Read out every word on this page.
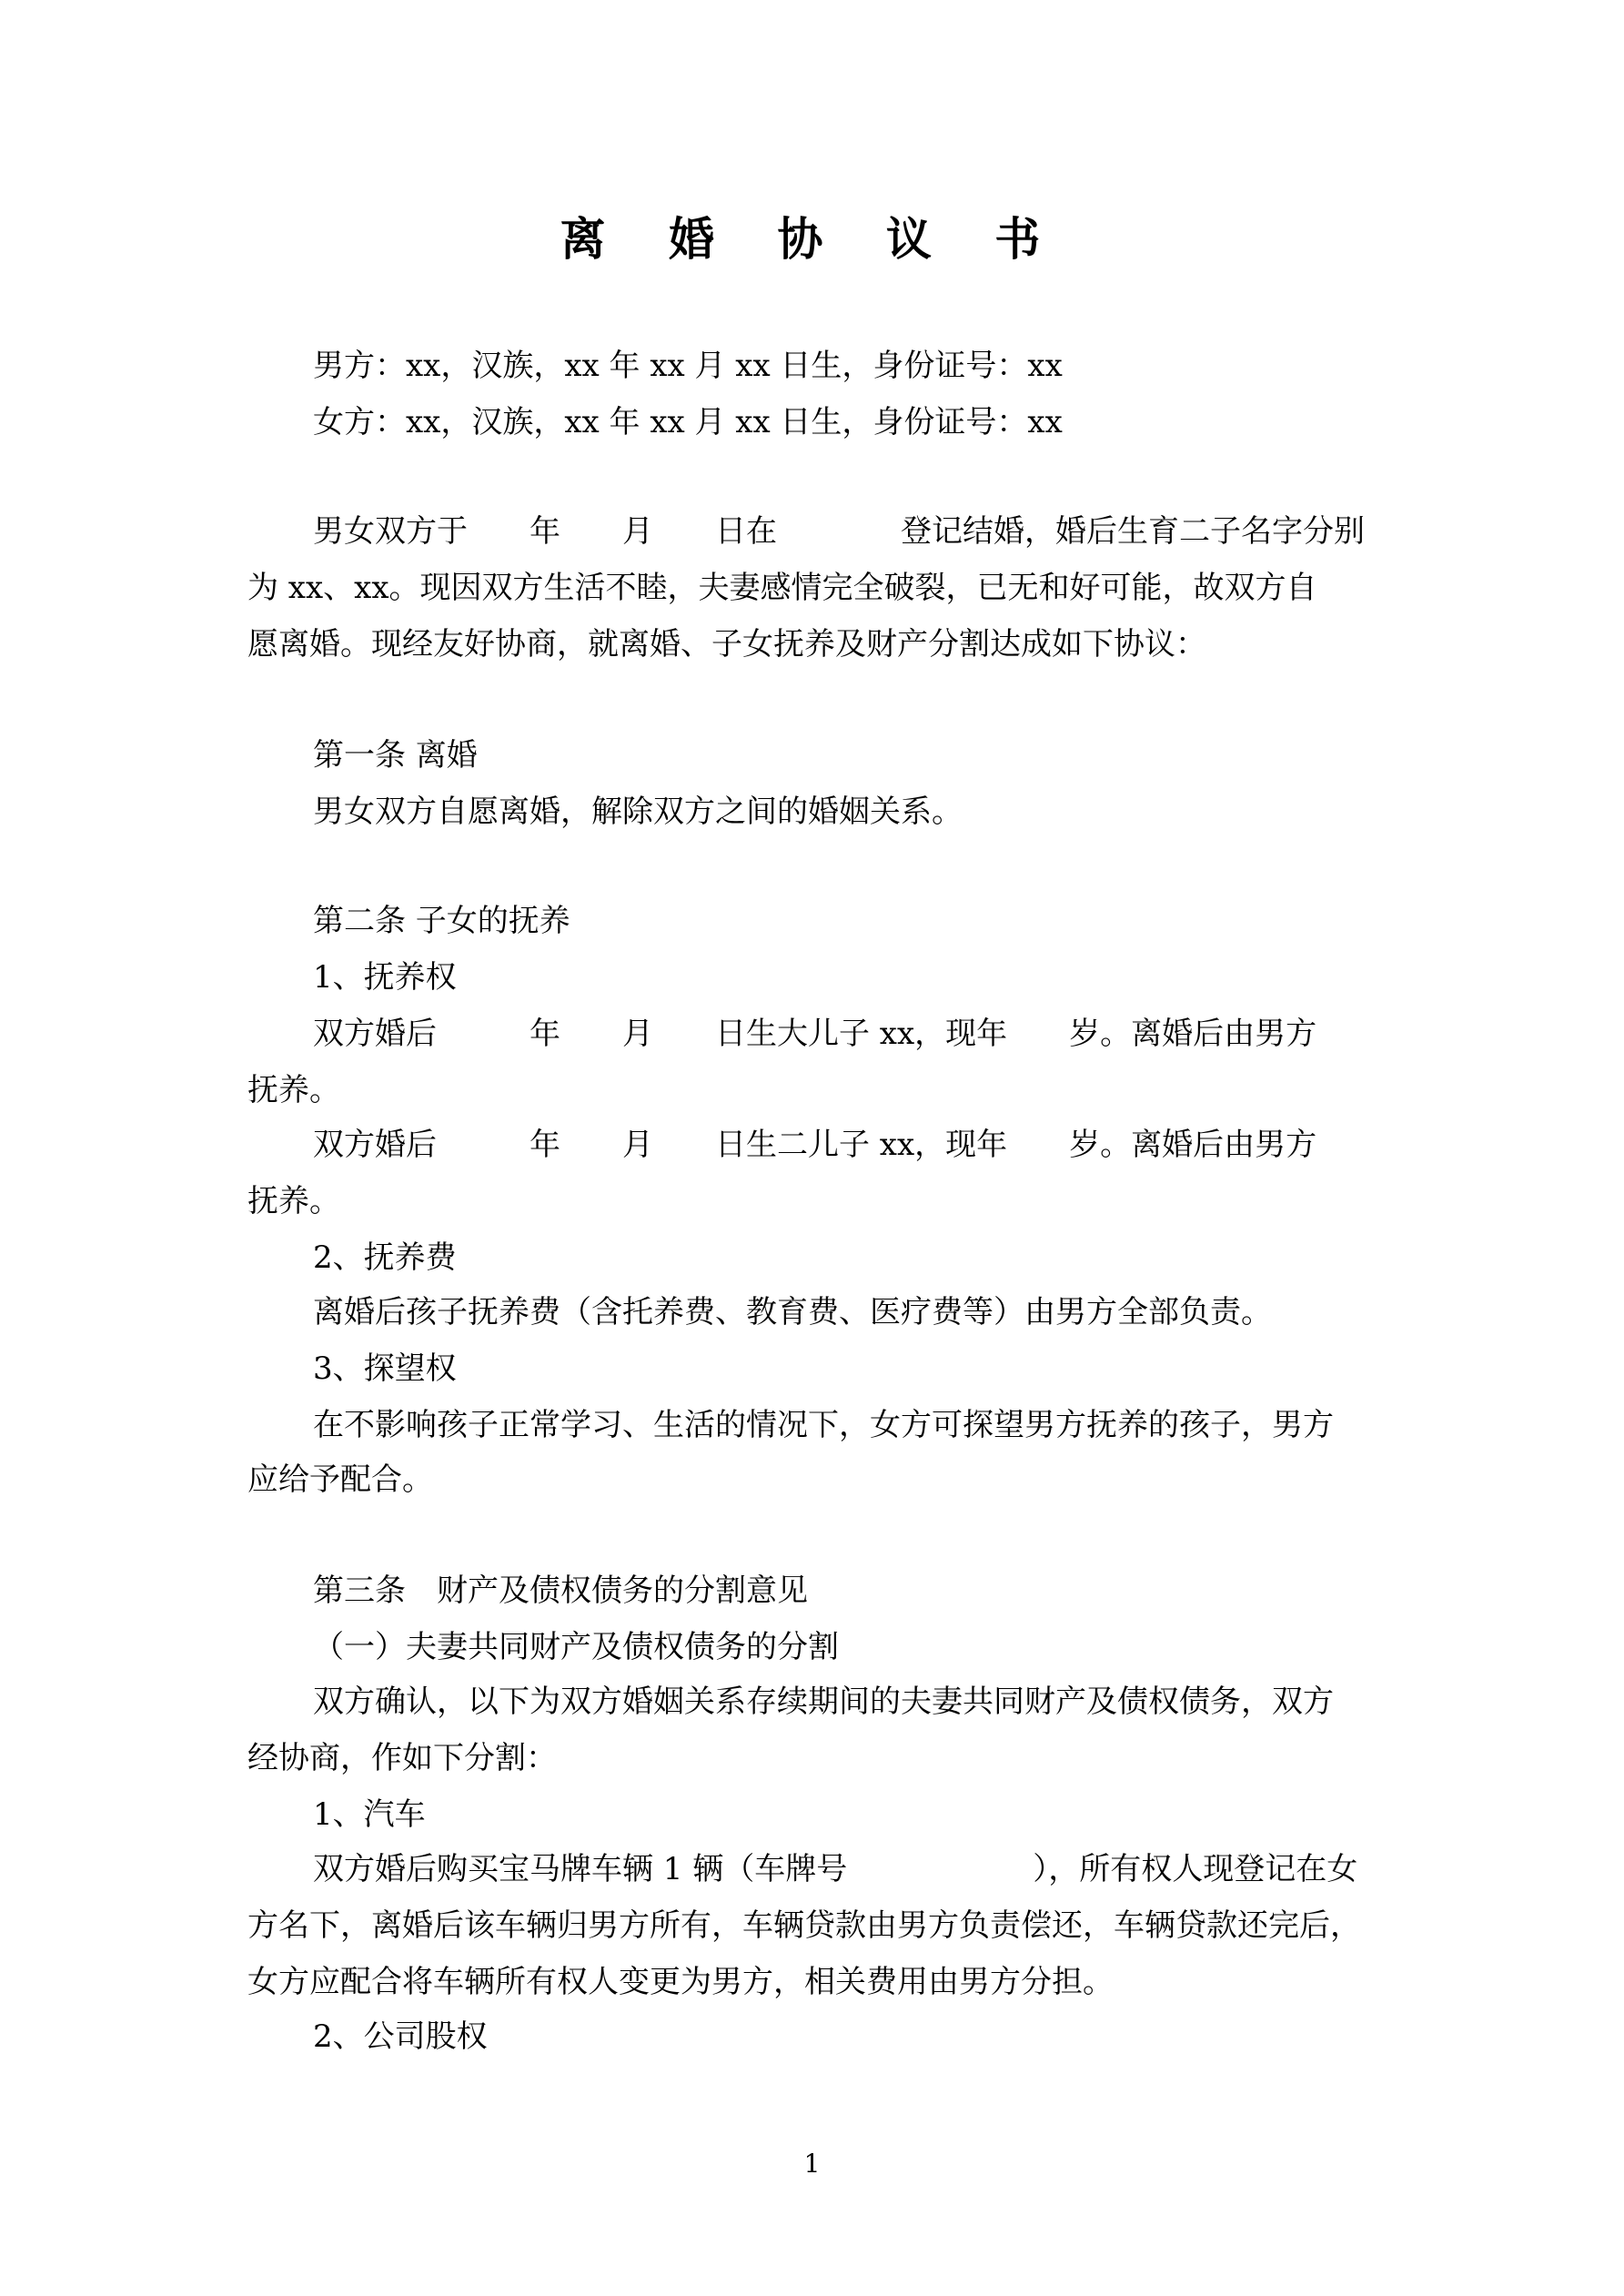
离 婚 协 议 书

男方：xx，汉族，xx 年 xx 月 xx 日生，身份证号：xx

女方：xx，汉族，xx 年 xx 月 xx 日生，身份证号：xx

男女双方于　　年　　月　　日在　　　　登记结婚，婚后生育二子名字分别

为 xx、xx。现因双方生活不睦，夫妻感情完全破裂，已无和好可能，故双方自

愿离婚。现经友好协商，就离婚、子女抚养及财产分割达成如下协议：

第一条 离婚

男女双方自愿离婚，解除双方之间的婚姻关系。

第二条 子女的抚养

1、抚养权

双方婚后　　　年　　月　　日生大儿子 xx，现年　　岁。离婚后由男方

抚养。

双方婚后　　　年　　月　　日生二儿子 xx，现年　　岁。离婚后由男方

抚养。

2、抚养费

离婚后孩子抚养费（含托养费、教育费、医疗费等）由男方全部负责。

3、探望权

在不影响孩子正常学习、生活的情况下，女方可探望男方抚养的孩子，男方

应给予配合。

第三条　财产及债权债务的分割意见

（一）夫妻共同财产及债权债务的分割

双方确认，以下为双方婚姻关系存续期间的夫妻共同财产及债权债务，双方

经协商，作如下分割：

1、汽车

双方婚后购买宝马牌车辆 1 辆（车牌号　　　　　　），所有权人现登记在女

方名下，离婚后该车辆归男方所有，车辆贷款由男方负责偿还，车辆贷款还完后，

女方应配合将车辆所有权人变更为男方，相关费用由男方分担。

2、公司股权

1
